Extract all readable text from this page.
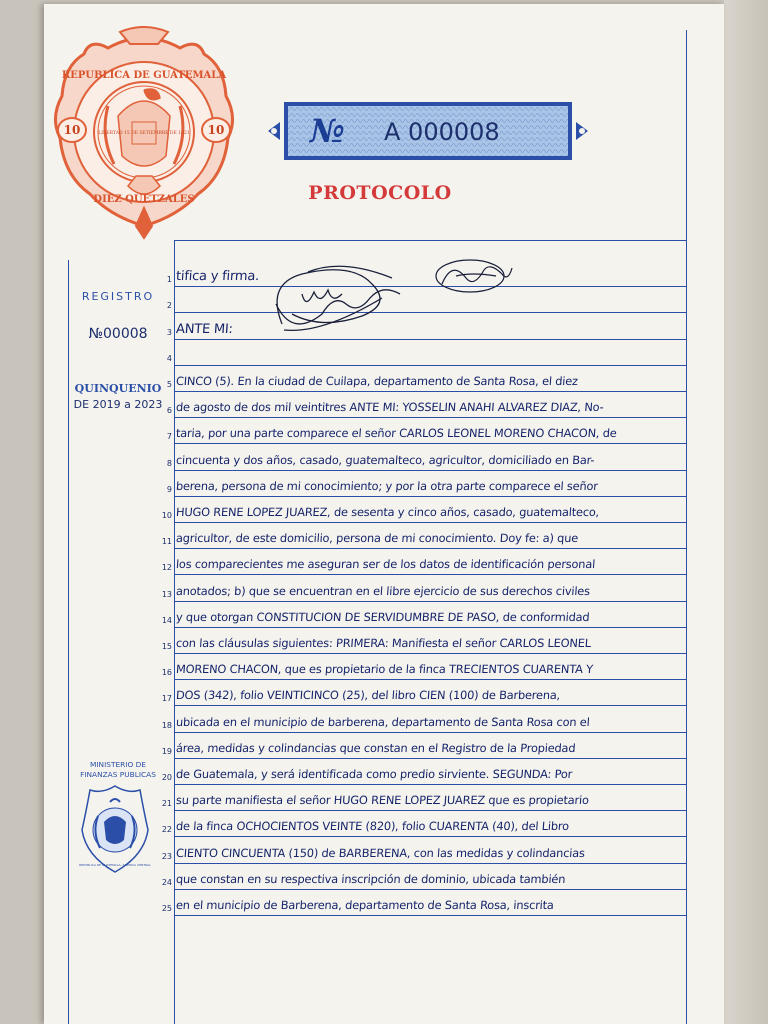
REPUBLICA DE GUATEMALA
10	10
LIBERTAD 15 DE SETIEMBRE DE 1821
DIEZ QUETZALES
№ A 000008
PROTOCOLO
REGISTRO
№00008
QUINQUENIO
DE 2019 a 2023
MINISTERIO DE
FINANZAS PUBLICAS
REPUBLICA DE GUATEMALA, AMERICA CENTRAL
1 tifica y firma.
2
3 ANTE MI:
4
5 CINCO (5). En la ciudad de Cuilapa, departamento de Santa Rosa, el diez
6 de agosto de dos mil veintitres ANTE MI: YOSSELIN ANAHI ALVAREZ DIAZ, No-
7 taria, por una parte comparece el señor CARLOS LEONEL MORENO CHACON, de
8 cincuenta y dos años, casado, guatemalteco, agricultor, domiciliado en Bar-
9 berena, persona de mi conocimiento; y por la otra parte comparece el señor
10 HUGO RENE LOPEZ JUAREZ, de sesenta y cinco años, casado, guatemalteco,
11 agricultor, de este domicilio, persona de mi conocimiento. Doy fe: a) que
12 los comparecientes me aseguran ser de los datos de identificación personal
13 anotados; b) que se encuentran en el libre ejercicio de sus derechos civiles
14 y que otorgan CONSTITUCION DE SERVIDUMBRE DE PASO, de conformidad
15 con las cláusulas siguientes: PRIMERA: Manifiesta el señor CARLOS LEONEL
16 MORENO CHACON, que es propietario de la finca TRECIENTOS CUARENTA Y
17 DOS (342), folio VEINTICINCO (25), del libro CIEN (100) de Barberena,
18 ubicada en el municipio de barberena, departamento de Santa Rosa con el
19 área, medidas y colindancias que constan en el Registro de la Propiedad
20 de Guatemala, y será identificada como predio sirviente. SEGUNDA: Por
21 su parte manifiesta el señor HUGO RENE LOPEZ JUAREZ que es propietario
22 de la finca OCHOCIENTOS VEINTE (820), folio CUARENTA (40), del Libro
23 CIENTO CINCUENTA (150) de BARBERENA, con las medidas y colindancias
24 que constan en su respectiva inscripción de dominio, ubicada también
25 en el municipio de Barberena, departamento de Santa Rosa, inscrita
